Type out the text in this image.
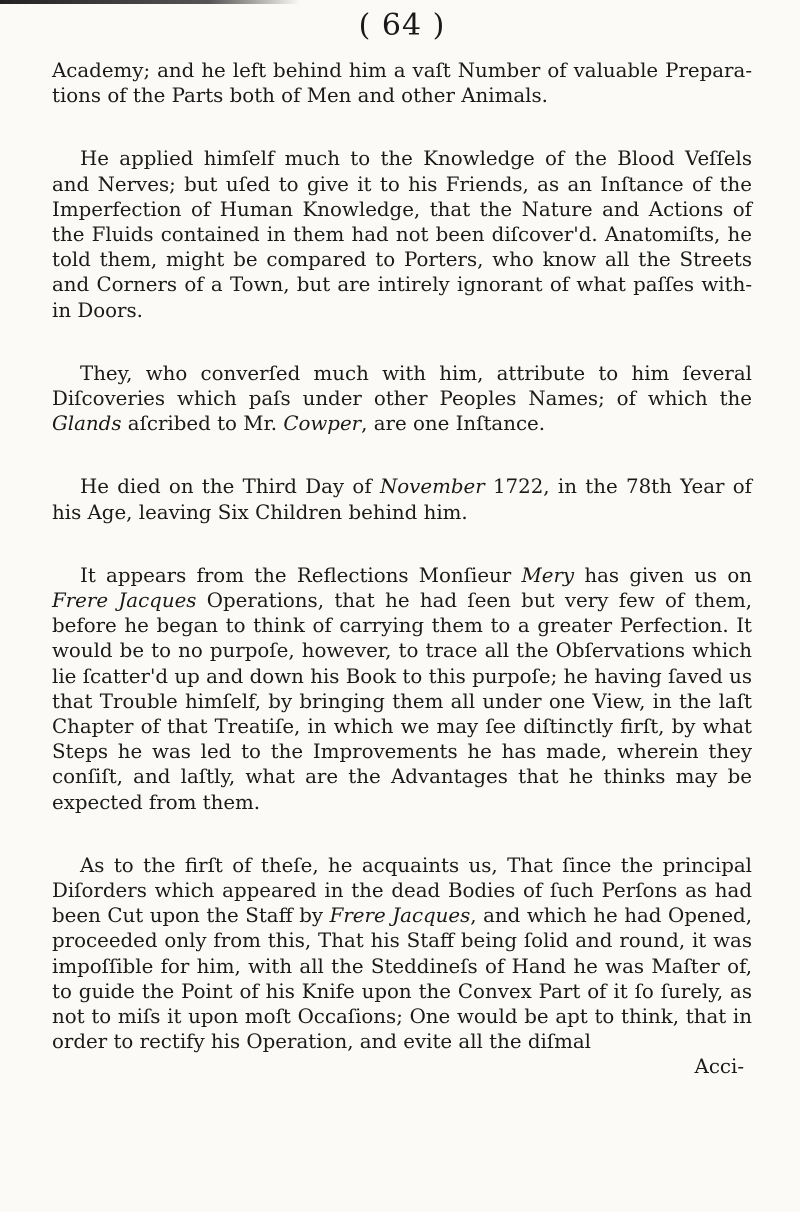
( 64 )

Academy; and he left behind him a vaſt Number of valuable Preparations of the Parts both of Men and other Animals.

He applied himſelf much to the Knowledge of the Blood Veſſels and Nerves; but uſed to give it to his Friends, as an Inſtance of the Imperfection of Human Knowledge, that the Nature and Actions of the Fluids contained in them had not been diſcover'd. Anatomiſts, he told them, might be compared to Porters, who know all the Streets and Corners of a Town, but are intirely ignorant of what paſſes within Doors.

They, who converſed much with him, attribute to him ſeveral Diſcoveries which paſs under other Peoples Names; of which the Glands aſcribed to Mr. Cowper, are one Inſtance.

He died on the Third Day of November 1722, in the 78th Year of his Age, leaving Six Children behind him.

It appears from the Reflections Monſieur Mery has given us on Frere Jacques Operations, that he had ſeen but very few of them, before he began to think of carrying them to a greater Perfection. It would be to no purpoſe, however, to trace all the Obſervations which lie ſcatter'd up and down his Book to this purpoſe; he having ſaved us that Trouble himſelf, by bringing them all under one View, in the laſt Chapter of that Treatiſe, in which we may ſee diſtinctly firſt, by what Steps he was led to the Improvements he has made, wherein they conſiſt, and laſtly, what are the Advantages that he thinks may be expected from them.

As to the firſt of theſe, he acquaints us, That ſince the principal Diſorders which appeared in the dead Bodies of ſuch Perſons as had been Cut upon the Staff by Frere Jacques, and which he had Opened, proceeded only from this, That his Staff being ſolid and round, it was impoſſible for him, with all the Steddineſs of Hand he was Maſter of, to guide the Point of his Knife upon the Convex Part of it ſo ſurely, as not to miſs it upon moſt Occaſions; One would be apt to think, that in order to rectify his Operation, and evite all the diſmal

Acci-
